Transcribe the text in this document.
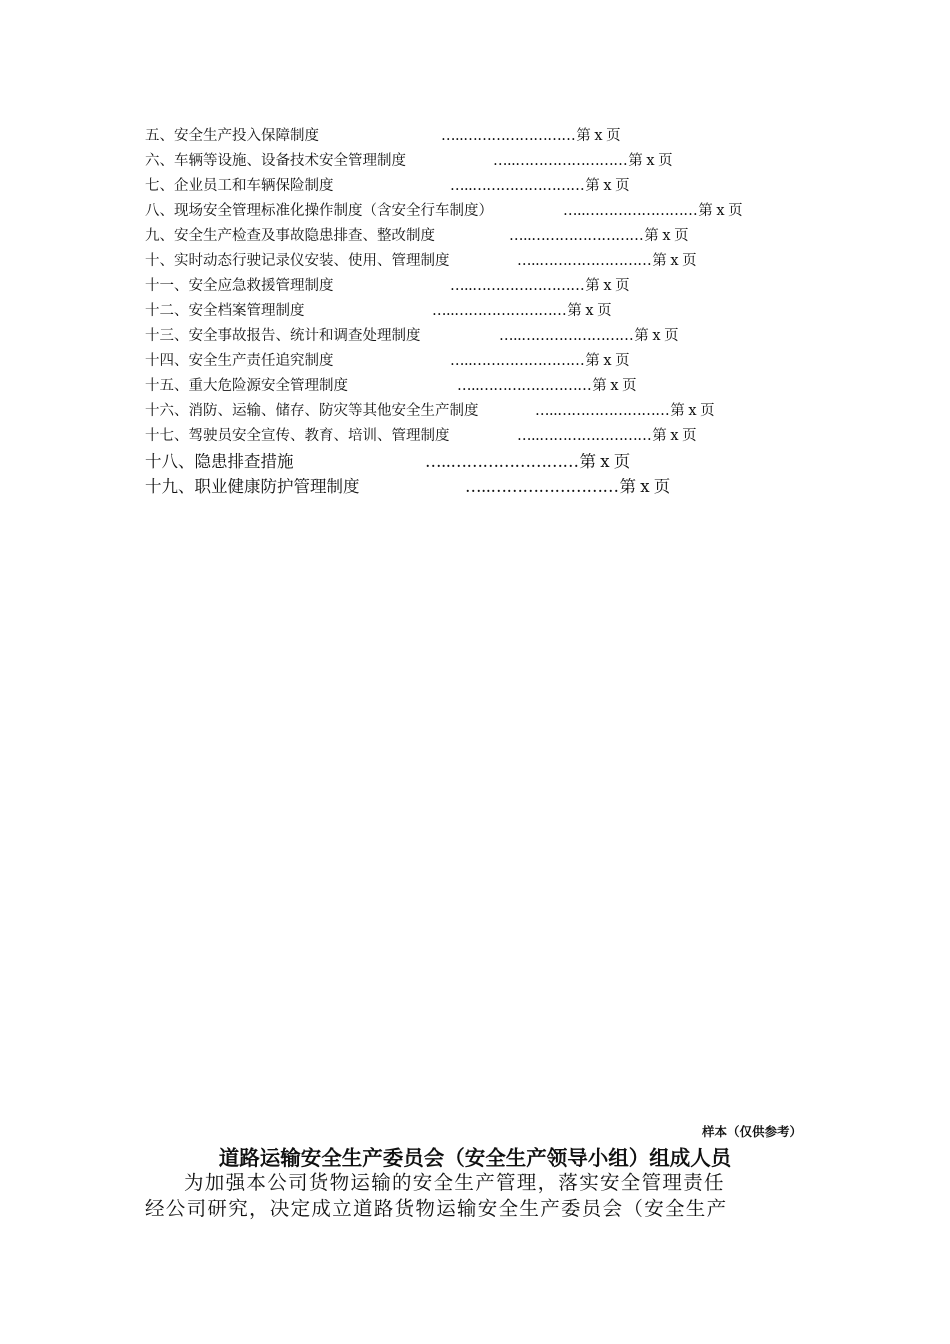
五、安全生产投入保障制度	…..……………………第 x 页
六、车辆等设施、设备技术安全管理制度	…..……………………第 x 页
七、企业员工和车辆保险制度	…..……………………第 x 页
八、现场安全管理标准化操作制度（含安全行车制度）	…..……………………第 x 页
九、安全生产检查及事故隐患排查、整改制度	…..……………………第 x 页
十、实时动态行驶记录仪安装、使用、管理制度	…..……………………第 x 页
十一、安全应急救援管理制度	…..……………………第 x 页
十二、安全档案管理制度	…..……………………第 x 页
十三、安全事故报告、统计和调查处理制度	…..……………………第 x 页
十四、安全生产责任追究制度	…..……………………第 x 页
十五、重大危险源安全管理制度	…..……………………第 x 页
十六、消防、运输、储存、防灾等其他安全生产制度	…..……………………第 x 页
十七、驾驶员安全宣传、教育、培训、管理制度	…..……………………第 x 页
十八、隐患排查措施	…..……………………第 x 页
十九、职业健康防护管理制度	…..……………………第 x 页
样本（仅供参考）
道路运输安全生产委员会（安全生产领导小组）组成人员
为加强本公司货物运输的安全生产管理，落实安全管理责任
经公司研究，决定成立道路货物运输安全生产委员会（安全生产
